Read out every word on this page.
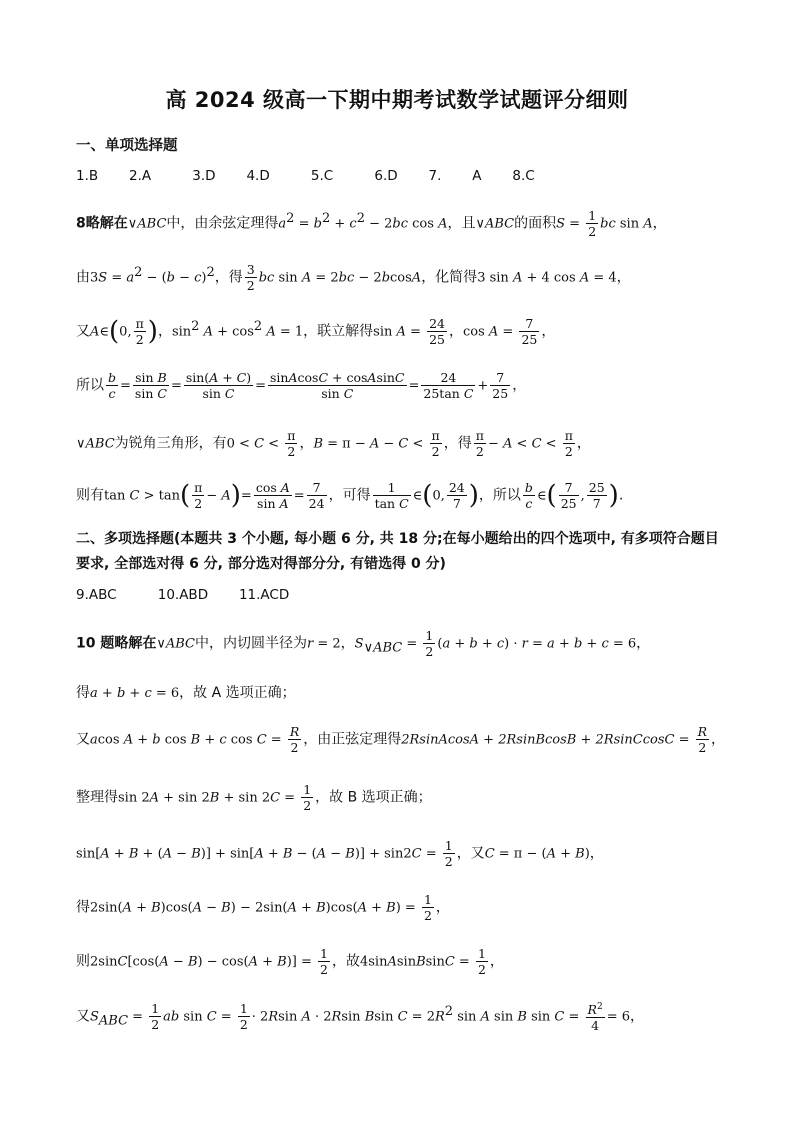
高 2024 级高一下期中期考试数学试题评分细则
一、单项选择题
1.B   2.A    3.D   4.D    5.C    6.D   7.   A   8.C
8略解在∨ABC中，由余弦定理得$a^2 = b^2 + c^2 - 2bc$ cos A，且∨ABC的面积$S = \frac{1}{2}$ bc sin A，
由$3S = a^2 - (b - c)^2$，得 $\frac{3}{2}$ bc sin A = 2bc − 2bcosA，化简得3 sin A + 4 cos A = 4，
又A∈(0, $\frac{\pi}{2}$ )，$\sin^2 A + \cos^2 A = 1$，联立解得$\sin A = \frac{24}{25}$ ，$\cos A = \frac{7}{25}$ ，
所以 $\frac{b}{c} = \frac{\text{sin B}}{\text{sin C}} = \frac{\sin(A + C)}{\text{sin C}} = \frac{\text{sinAcosC + cosAsinC}}{\text{sin C}} = \frac{24}{\text{25tan C}} + \frac{7}{25}$ ，
∨ABC为锐角三角形，有$0 < C < \frac{\pi}{2}$ ，$B = \pi - A - C < \frac{\pi}{2}$ ，得 $\frac{\pi}{2} - A < C < \frac{\pi}{2}$ ，
则有$\tan C > \tan( \frac{\pi}{2} - A)= \frac{\text{cos A}}{\text{sin A}} = \frac{7}{24}$ ，可得 $\frac{1}{\text{tan C}}$ ∈(0, $\frac{24}{7}$ )，所以 $\frac{b}{c}$ ∈( $\frac{7}{25}$ , $\frac{25}{7}$ ).
二、多项选择题(本题共 3 个小题, 每小题 6 分, 共 18 分;在每小题给出的四个选项中, 有多项符合题目要求, 全部选对得 6 分, 部分选对得部分分, 有错选得 0 分)
9.ABC    10.ABD   11.ACD
10 题略解在∨ABC中，内切圆半径为r = 2，$S_{\vee ABC} = \frac{1}{2} (a + b + c) \cdot r = a + b + c = 6$，
得a + b + c = 6，故 A 选项正确；
又acos A + b cos B + c $\cos C = \frac{R}{2}$ ，由正弦定理得2RsinAcosA + 2RsinBcosB + 2RsinCcosC = $\frac{R}{2}$ ，
整理得$\sin 2A + \sin 2B + \sin 2C = \frac{1}{2}$ ，故 B 选项正确；
$\sin[A + B + (A - B)] + \sin[A + B - (A - B)] + \sin 2C = \frac{1}{2}$ ，又C = π − (A + B)，
得$2\sin(A + B)\cos(A - B) - 2\sin(A + B)\cos(A + B) = \frac{1}{2}$ ，
则$2\sin C[\cos(A - B) - \cos(A + B)] = \frac{1}{2}$ ，故4sinAsinBsinC = $\frac{1}{2}$ ，
又$S_{ABC} = \frac{1}{2}$ ab $\sin C = \frac{1}{2} \cdot 2Rsin$ A · 2Rsin Bsin $C = 2R^2$ sin A sin B $\sin C = \frac{R^2}{4} = 6$，
